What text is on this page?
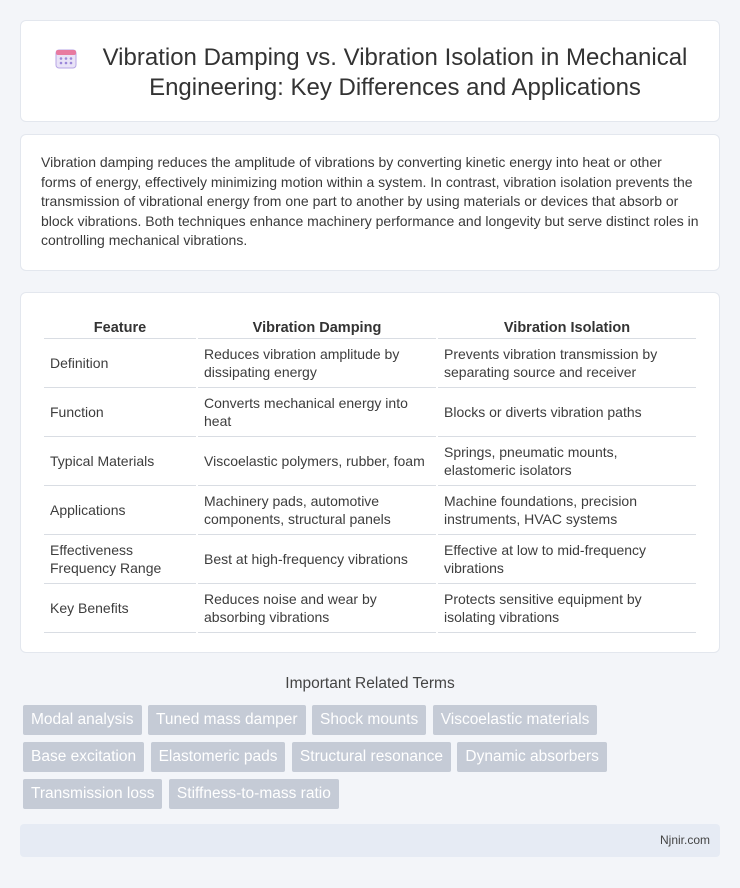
Vibration Damping vs. Vibration Isolation in Mechanical Engineering: Key Differences and Applications

Vibration damping reduces the amplitude of vibrations by converting kinetic energy into heat or other forms of energy, effectively minimizing motion within a system. In contrast, vibration isolation prevents the transmission of vibrational energy from one part to another by using materials or devices that absorb or block vibrations. Both techniques enhance machinery performance and longevity but serve distinct roles in controlling mechanical vibrations.

Feature	Vibration Damping	Vibration Isolation
Definition	Reduces vibration amplitude by dissipating energy	Prevents vibration transmission by separating source and receiver
Function	Converts mechanical energy into heat	Blocks or diverts vibration paths
Typical Materials	Viscoelastic polymers, rubber, foam	Springs, pneumatic mounts, elastomeric isolators
Applications	Machinery pads, automotive components, structural panels	Machine foundations, precision instruments, HVAC systems
Effectiveness Frequency Range	Best at high-frequency vibrations	Effective at low to mid-frequency vibrations
Key Benefits	Reduces noise and wear by absorbing vibrations	Protects sensitive equipment by isolating vibrations
Important Related Terms
Modal analysis Tuned mass damper Shock mounts Viscoelastic materials Base excitation Elastomeric pads Structural resonance Dynamic absorbers Transmission loss Stiffness-to-mass ratio
Njnir.com
